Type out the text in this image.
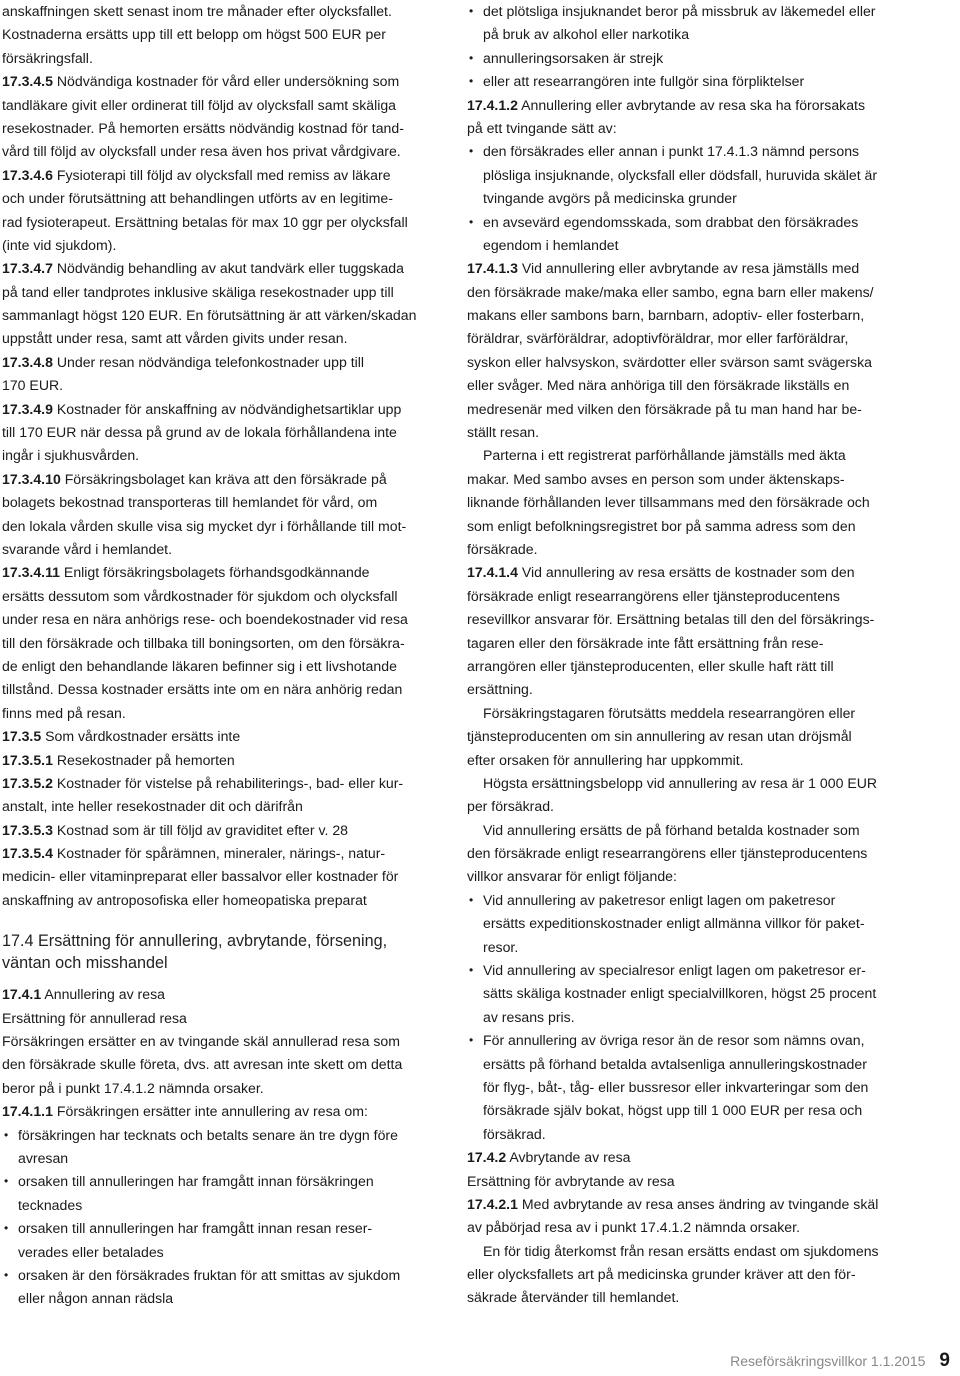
anskaffningen skett senast inom tre månader efter olycksfallet.
Kostnaderna ersätts upp till ett belopp om högst 500 EUR per
försäkringsfall.
17.3.4.5 Nödvändiga kostnader för vård eller undersökning som
tandläkare givit eller ordinerat till följd av olycksfall samt skäliga
resekostnader. På hemorten ersätts nödvändig kostnad för tand-
vård till följd av olycksfall under resa även hos privat vårdgivare.
17.3.4.6 Fysioterapi till följd av olycksfall med remiss av läkare
och under förutsättning att behandlingen utförts av en legitime-
rad fysioterapeut. Ersättning betalas för max 10 ggr per olycksfall
(inte vid sjukdom).
17.3.4.7 Nödvändig behandling av akut tandvärk eller tuggskada
på tand eller tandprotes inklusive skäliga resekostnader upp till
sammanlagt högst 120 EUR. En förutsättning är att värken/skadan
uppstått under resa, samt att vården givits under resan.
17.3.4.8 Under resan nödvändiga telefonkostnader upp till
170 EUR.
17.3.4.9 Kostnader för anskaffning av nödvändighetsartiklar upp
till 170 EUR när dessa på grund av de lokala förhållandena inte
ingår i sjukhusvården.
17.3.4.10 Försäkringsbolaget kan kräva att den försäkrade på
bolagets bekostnad transporteras till hemlandet för vård, om
den lokala vården skulle visa sig mycket dyr i förhållande till mot-
svarande vård i hemlandet.
17.3.4.11 Enligt försäkringsbolagets förhandsgodkännande
ersätts dessutom som vårdkostnader för sjukdom och olycksfall
under resa en nära anhörigs rese- och boendekostnader vid resa
till den försäkrade och tillbaka till boningsorten, om den försäkra-
de enligt den behandlande läkaren befinner sig i ett livshotande
tillstånd. Dessa kostnader ersätts inte om en nära anhörig redan
finns med på resan.
17.3.5 Som vårdkostnader ersätts inte
17.3.5.1 Resekostnader på hemorten
17.3.5.2 Kostnader för vistelse på rehabiliterings-, bad- eller kur-
anstalt, inte heller resekostnader dit och därifrån
17.3.5.3 Kostnad som är till följd av graviditet efter v. 28
17.3.5.4 Kostnader för spårämnen, mineraler, närings-, natur-
medicin- eller vitaminpreparat eller bassalvor eller kostnader för
anskaffning av antroposofiska eller homeopatiska preparat
17.4 Ersättning för annullering, avbrytande, försening,
väntan och misshandel
17.4.1 Annullering av resa
Ersättning för annullerad resa
Försäkringen ersätter en av tvingande skäl annullerad resa som
den försäkrade skulle företa, dvs. att avresan inte skett om detta
beror på i punkt 17.4.1.2 nämnda orsaker.
17.4.1.1 Försäkringen ersätter inte annullering av resa om:
• försäkringen har tecknats och betalts senare än tre dygn före
avresan
• orsaken till annulleringen har framgått innan försäkringen
tecknades
• orsaken till annulleringen har framgått innan resan reser-
verades eller betalades
• orsaken är den försäkrades fruktan för att smittas av sjukdom
eller någon annan rädsla
• det plötsliga insjuknandet beror på missbruk av läkemedel eller
på bruk av alkohol eller narkotika
• annulleringsorsaken är strejk
• eller att researrangören inte fullgör sina förpliktelser
17.4.1.2 Annullering eller avbrytande av resa ska ha förorsakats
på ett tvingande sätt av:
• den försäkrades eller annan i punkt 17.4.1.3 nämnd persons
plösliga insjuknande, olycksfall eller dödsfall, huruvida skälet är
tvingande avgörs på medicinska grunder
• en avsevärd egendomsskada, som drabbat den försäkrades
egendom i hemlandet
17.4.1.3 Vid annullering eller avbrytande av resa jämställs med
den försäkrade make/maka eller sambo, egna barn eller makens/
makans eller sambons barn, barnbarn, adoptiv- eller fosterbarn,
föräldrar, svärföräldrar, adoptivföräldrar, mor eller farföräldrar,
syskon eller halvsyskon, svärdotter eller svärson samt svägerska
eller svåger. Med nära anhöriga till den försäkrade likställs en
medresenär med vilken den försäkrade på tu man hand har be-
ställt resan.
Parterna i ett registrerat parförhållande jämställs med äkta
makar. Med sambo avses en person som under äktenskaps-
liknande förhållanden lever tillsammans med den försäkrade och
som enligt befolkningsregistret bor på samma adress som den
försäkrade.
17.4.1.4 Vid annullering av resa ersätts de kostnader som den
försäkrade enligt researrangörens eller tjänsteproducentens
resevillkor ansvarar för. Ersättning betalas till den del försäkrings-
tagaren eller den försäkrade inte fått ersättning från rese-
arrangören eller tjänsteproducenten, eller skulle haft rätt till
ersättning.
Försäkringstagaren förutsätts meddela researrangören eller
tjänsteproducenten om sin annullering av resan utan dröjsmål
efter orsaken för annullering har uppkommit.
Högsta ersättningsbelopp vid annullering av resa är 1 000 EUR
per försäkrad.
Vid annullering ersätts de på förhand betalda kostnader som
den försäkrade enligt researrangörens eller tjänsteproducentens
villkor ansvarar för enligt följande:
• Vid annullering av paketresor enligt lagen om paketresor
ersätts expeditionskostnader enligt allmänna villkor för paket-
resor.
• Vid annullering av specialresor enligt lagen om paketresor er-
sätts skäliga kostnader enligt specialvillkoren, högst 25 procent
av resans pris.
• För annullering av övriga resor än de resor som nämns ovan,
ersätts på förhand betalda avtalsenliga annulleringskostnader
för flyg-, båt-, tåg- eller bussresor eller inkvarteringar som den
försäkrade själv bokat, högst upp till 1 000 EUR per resa och
försäkrad.
17.4.2 Avbrytande av resa
Ersättning för avbrytande av resa
17.4.2.1 Med avbrytande av resa anses ändring av tvingande skäl
av påbörjad resa av i punkt 17.4.1.2 nämnda orsaker.
En för tidig återkomst från resan ersätts endast om sjukdomens
eller olycksfallets art på medicinska grunder kräver att den för-
säkrade återvänder till hemlandet.
Reseförsäkringsvillkor 1.1.2015 9
